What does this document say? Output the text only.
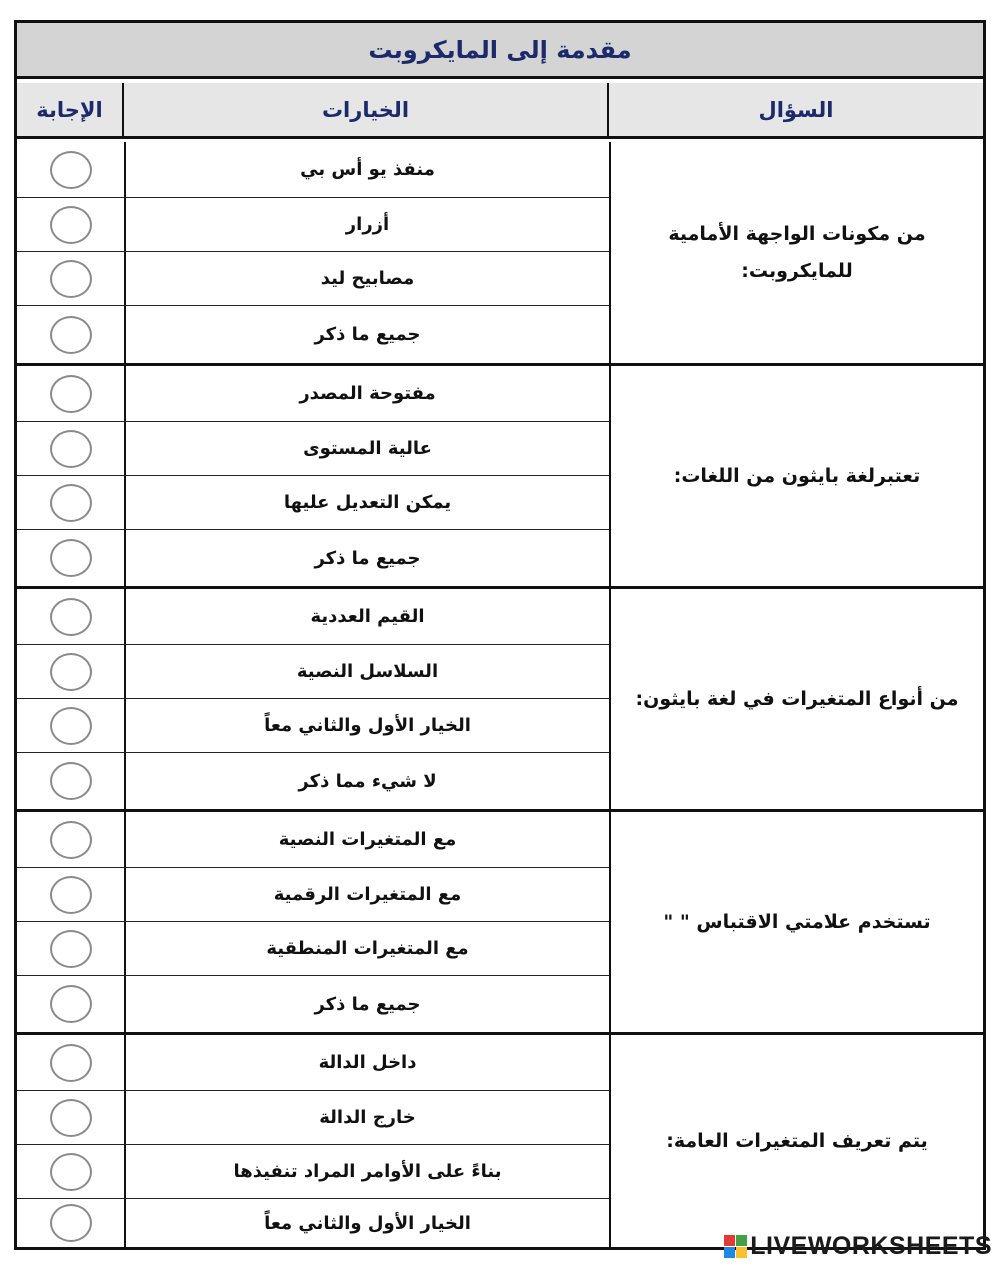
مقدمة إلى المايكروبت
الإجابة	الخيارات	السؤال
من مكونات الواجهة الأمامية للمايكروبت:
منفذ يو أس بي
أزرار
مصابيح ليد
جميع ما ذكر
تعتبرلغة بايثون من اللغات:
مفتوحة المصدر
عالية المستوى
يمكن التعديل عليها
جميع ما ذكر
من أنواع المتغيرات في لغة بايثون:
القيم العددية
السلاسل النصية
الخيار الأول والثاني معاً
لا شيء مما ذكر
تستخدم علامتي الاقتباس " "
مع المتغيرات النصية
مع المتغيرات الرقمية
مع المتغيرات المنطقية
جميع ما ذكر
يتم تعريف المتغيرات العامة:
داخل الدالة
خارج الدالة
بناءً على الأوامر المراد تنفيذها
الخيار الأول والثاني معاً
LIVEWORKSHEETS
